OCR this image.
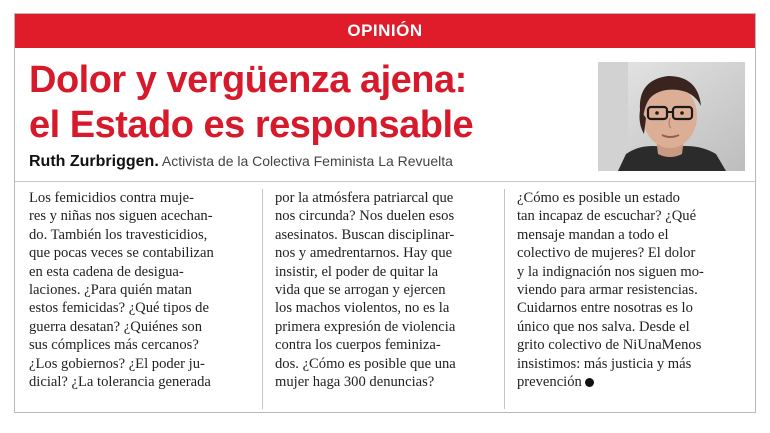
OPINIÓN
Dolor y vergüenza ajena:
el Estado es responsable
Ruth Zurbriggen. Activista de la Colectiva Feminista La Revuelta

Los femicidios contra muje-
res y niñas nos siguen acechan-
do. También los travesticidios,
que pocas veces se contabilizan
en esta cadena de desigua-
laciones. ¿Para quién matan
estos femicidas? ¿Qué tipos de
guerra desatan? ¿Quiénes son
sus cómplices más cercanos?
¿Los gobiernos? ¿El poder ju-
dicial? ¿La tolerancia generada

por la atmósfera patriarcal que
nos circunda? Nos duelen esos
asesinatos. Buscan disciplinar-
nos y amedrentarnos. Hay que
insistir, el poder de quitar la
vida que se arrogan y ejercen
los machos violentos, no es la
primera expresión de violencia
contra los cuerpos feminiza-
dos. ¿Cómo es posible que una
mujer haga 300 denuncias?

¿Cómo es posible un estado
tan incapaz de escuchar? ¿Qué
mensaje mandan a todo el
colectivo de mujeres? El dolor
y la indignación nos siguen mo-
viendo para armar resistencias.
Cuidarnos entre nosotras es lo
único que nos salva. Desde el
grito colectivo de NiUnaMenos
insistimos: más justicia y más
prevención
